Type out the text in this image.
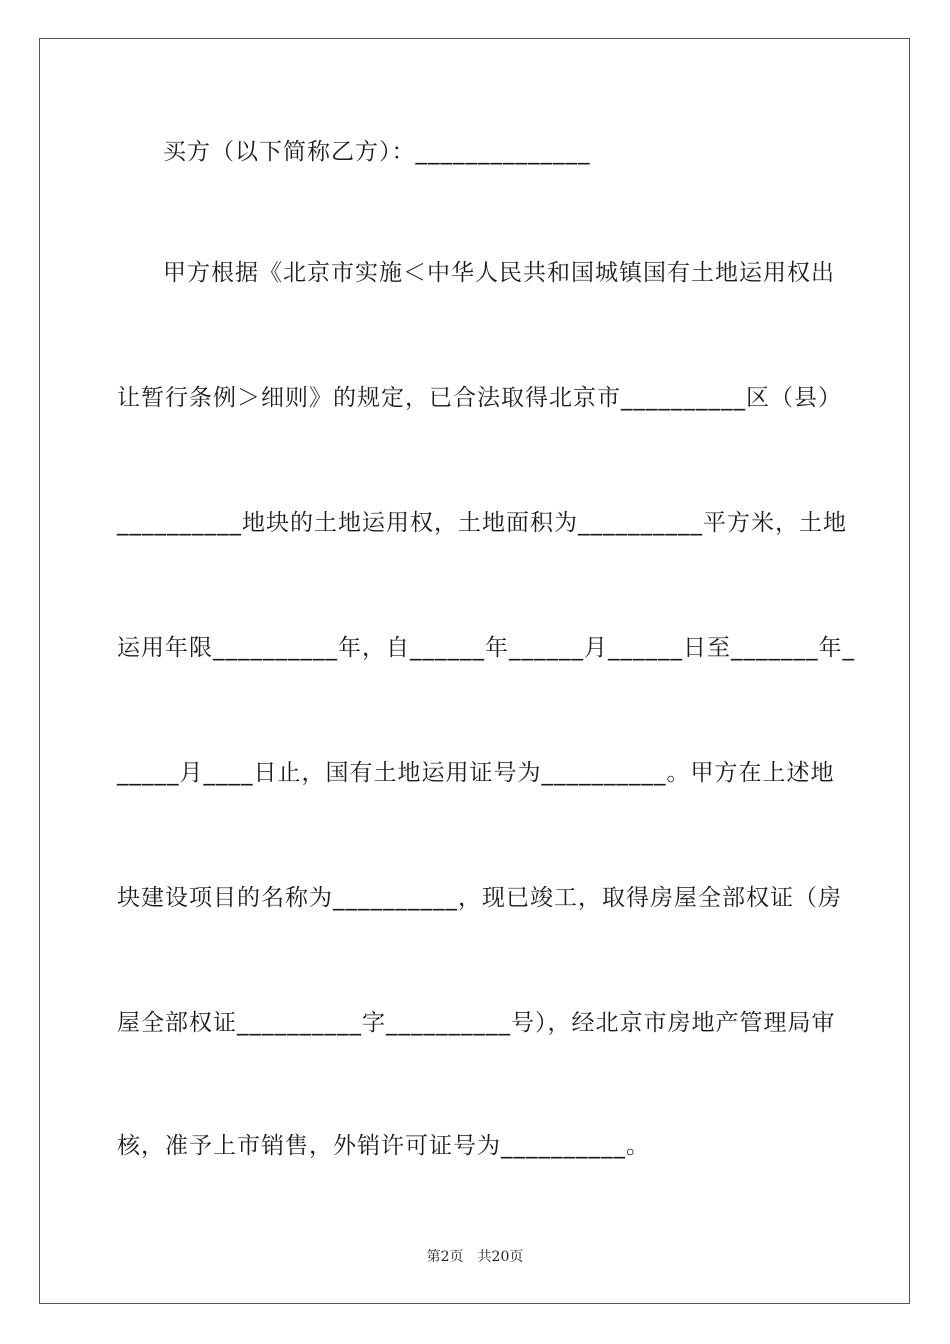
买方（以下简称乙方）：______________
甲方根据《北京市实施＜中华人民共和国城镇国有土地运用权出
让暂行条例＞细则》的规定，已合法取得北京市__________区（县）
__________地块的土地运用权，土地面积为__________平方米，土地
运用年限__________年，自______年______月______日至_______年_
_____月____日止，国有土地运用证号为__________。甲方在上述地
块建设项目的名称为__________，现已竣工，取得房屋全部权证（房
屋全部权证__________字__________号），经北京市房地产管理局审
核，准予上市销售，外销许可证号为__________。
第2页　共20页
